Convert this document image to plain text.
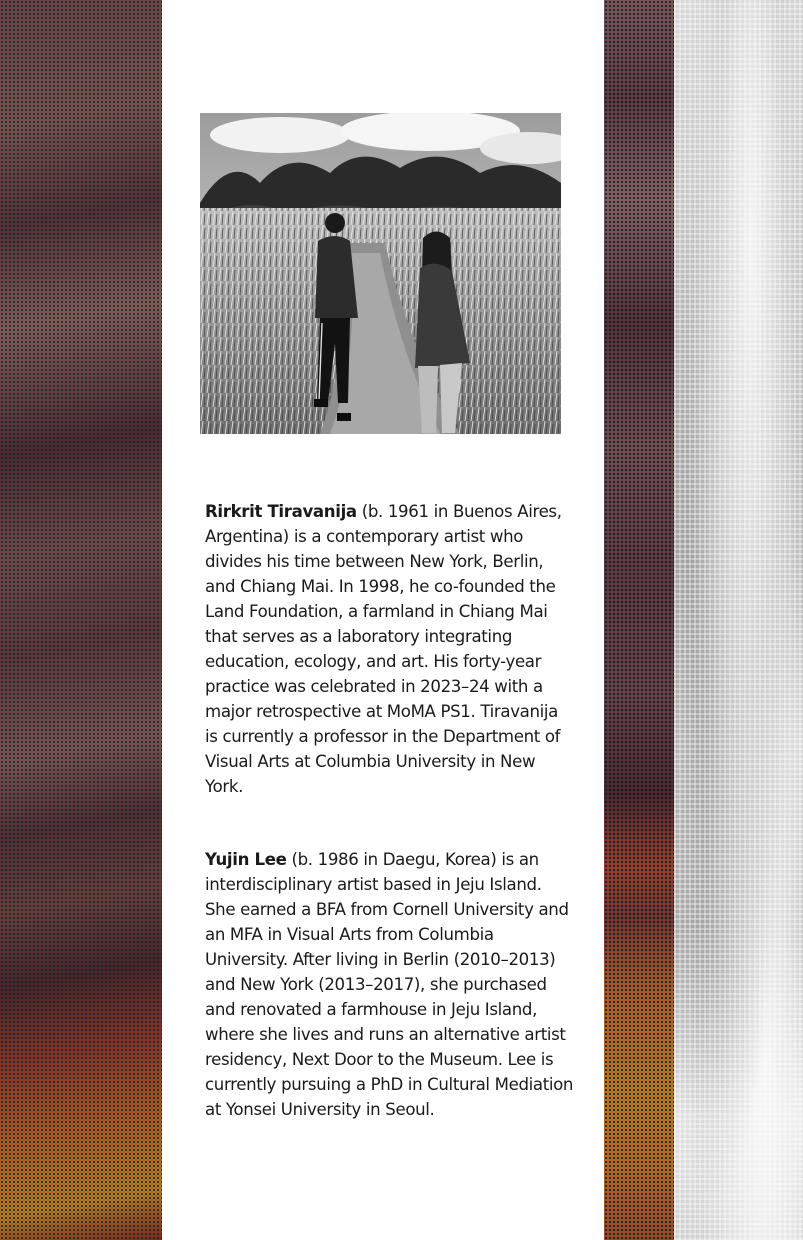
Rirkrit Tiravanija (b. 1961 in Buenos Aires, Argentina) is a contemporary artist who divides his time between New York, Berlin, and Chiang Mai. In 1998, he co-founded the Land Foundation, a farmland in Chiang Mai that serves as a laboratory integrating education, ecology, and art. His forty-year practice was celebrated in 2023–24 with a major retrospective at MoMA PS1. Tiravanija is currently a professor in the Department of Visual Arts at Columbia University in New York.

Yujin Lee (b. 1986 in Daegu, Korea) is an interdisciplinary artist based in Jeju Island. She earned a BFA from Cornell University and an MFA in Visual Arts from Columbia University. After living in Berlin (2010–2013) and New York (2013–2017), she purchased and renovated a farmhouse in Jeju Island, where she lives and runs an alternative artist residency, Next Door to the Museum. Lee is currently pursuing a PhD in Cultural Mediation at Yonsei University in Seoul.
